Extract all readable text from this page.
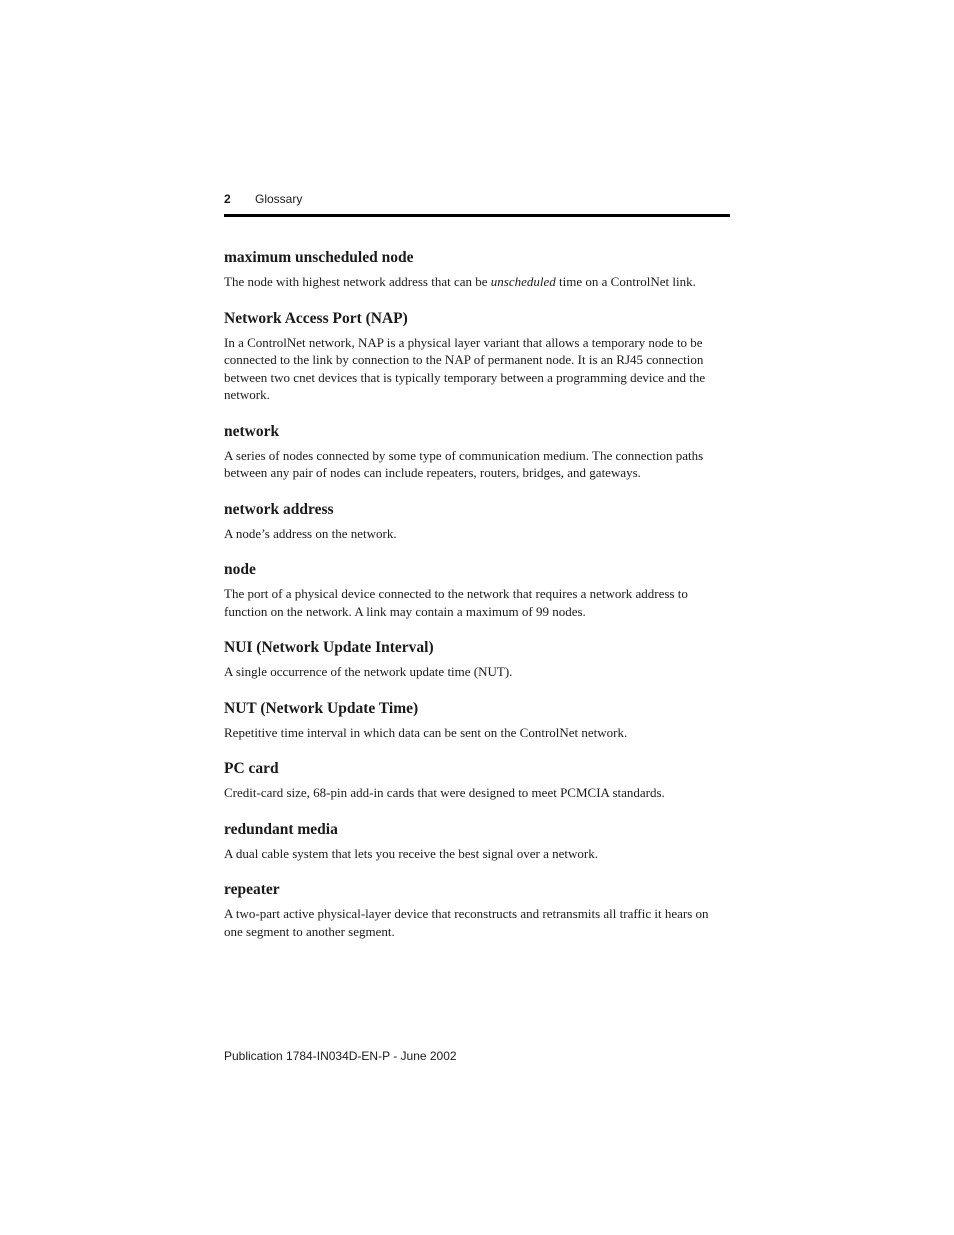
2 Glossary
maximum unscheduled node

The node with highest network address that can be unscheduled time on a ControlNet link.

Network Access Port (NAP)

In a ControlNet network, NAP is a physical layer variant that allows a temporary node to be connected to the link by connection to the NAP of permanent node. It is an RJ45 connection between two cnet devices that is typically temporary between a programming device and the network.

network

A series of nodes connected by some type of communication medium. The connection paths between any pair of nodes can include repeaters, routers, bridges, and gateways.

network address

A node’s address on the network.

node

The port of a physical device connected to the network that requires a network address to function on the network. A link may contain a maximum of 99 nodes.

NUI (Network Update Interval)

A single occurrence of the network update time (NUT).

NUT (Network Update Time)

Repetitive time interval in which data can be sent on the ControlNet network.

PC card

Credit-card size, 68-pin add-in cards that were designed to meet PCMCIA standards.

redundant media

A dual cable system that lets you receive the best signal over a network.

repeater

A two-part active physical-layer device that reconstructs and retransmits all traffic it hears on one segment to another segment.

Publication 1784-IN034D-EN-P - June 2002
